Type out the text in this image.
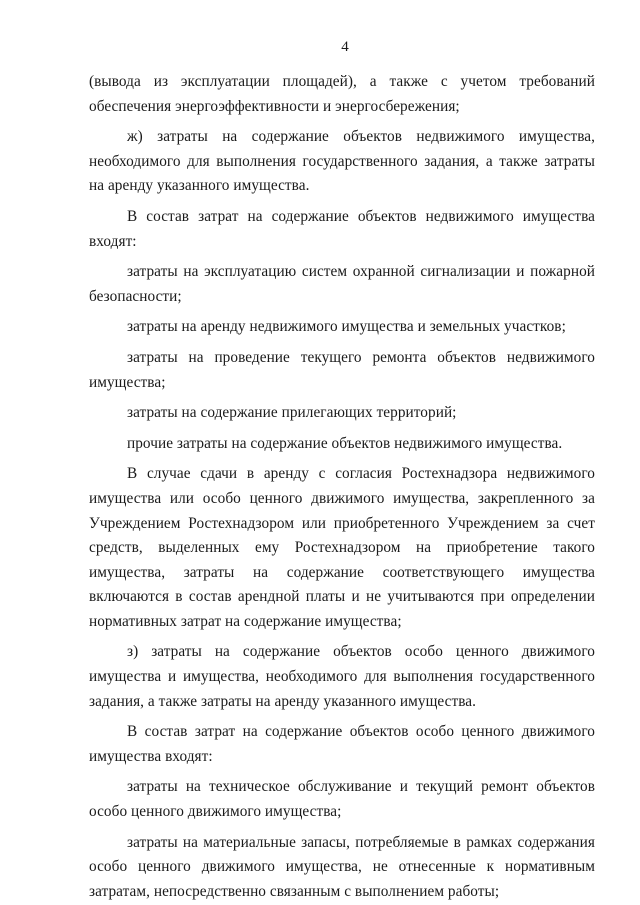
4

(вывода из эксплуатации площадей), а также с учетом требований обеспечения энергоэффективности и энергосбережения;

ж) затраты на содержание объектов недвижимого имущества, необходимого для выполнения государственного задания, а также затраты на аренду указанного имущества.

В состав затрат на содержание объектов недвижимого имущества входят:

затраты на эксплуатацию систем охранной сигнализации и пожарной безопасности;

затраты на аренду недвижимого имущества и земельных участков;

затраты на проведение текущего ремонта объектов недвижимого имущества;

затраты на содержание прилегающих территорий;

прочие затраты на содержание объектов недвижимого имущества.

В случае сдачи в аренду с согласия Ростехнадзора недвижимого имущества или особо ценного движимого имущества, закрепленного за Учреждением Ростехнадзором или приобретенного Учреждением за счет средств, выделенных ему Ростехнадзором на приобретение такого имущества, затраты на содержание соответствующего имущества включаются в состав арендной платы и не учитываются при определении нормативных затрат на содержание имущества;

з) затраты на содержание объектов особо ценного движимого имущества и имущества, необходимого для выполнения государственного задания, а также затраты на аренду указанного имущества.

В состав затрат на содержание объектов особо ценного движимого имущества входят:

затраты на техническое обслуживание и текущий ремонт объектов особо ценного движимого имущества;

затраты на материальные запасы, потребляемые в рамках содержания особо ценного движимого имущества, не отнесенные к нормативным затратам, непосредственно связанным с выполнением работы;
